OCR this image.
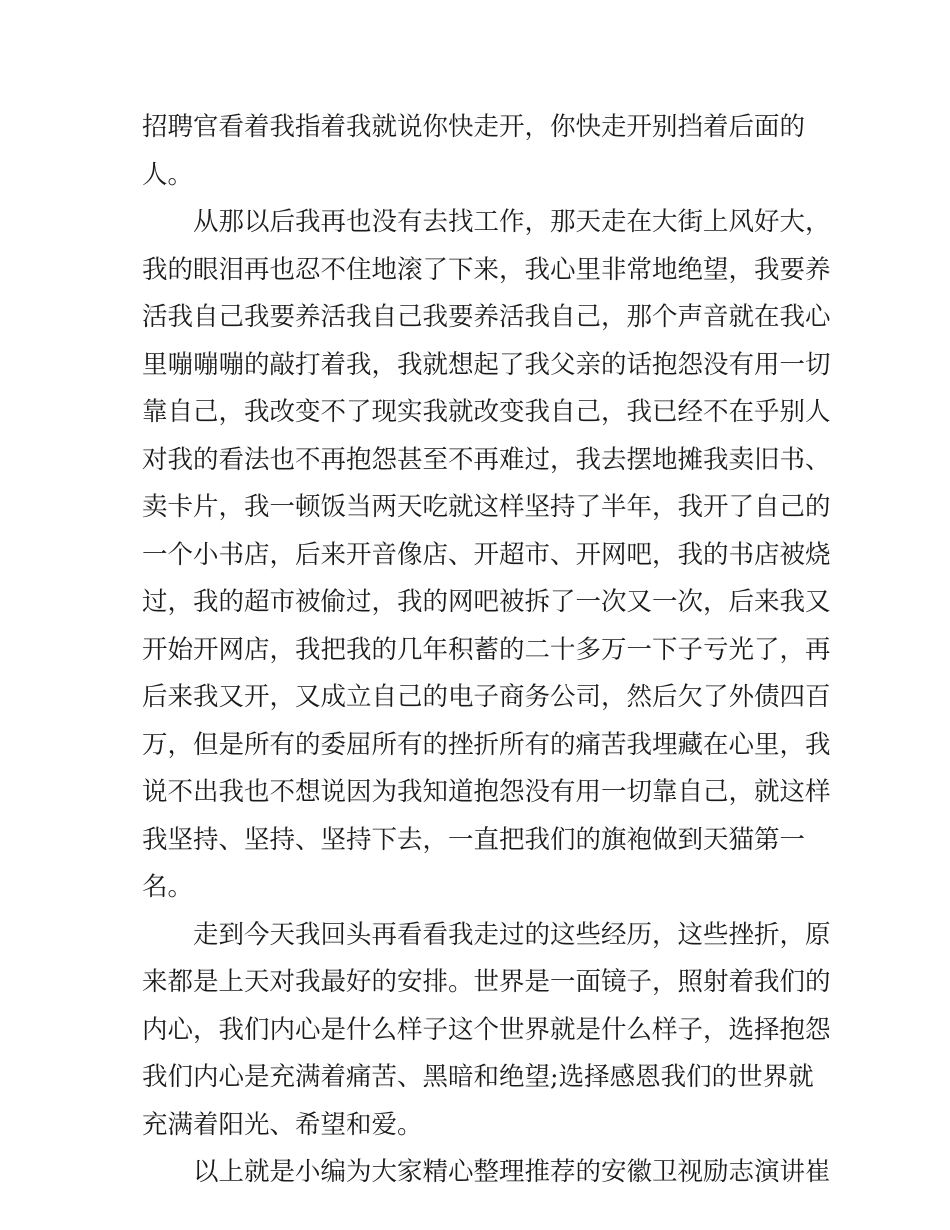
招聘官看着我指着我就说你快走开，你快走开别挡着后面的
人。
从那以后我再也没有去找工作，那天走在大街上风好大，
我的眼泪再也忍不住地滚了下来，我心里非常地绝望，我要养
活我自己我要养活我自己我要养活我自己，那个声音就在我心
里嘣嘣嘣的敲打着我，我就想起了我父亲的话抱怨没有用一切
靠自己，我改变不了现实我就改变我自己，我已经不在乎别人
对我的看法也不再抱怨甚至不再难过，我去摆地摊我卖旧书、
卖卡片，我一顿饭当两天吃就这样坚持了半年，我开了自己的
一个小书店，后来开音像店、开超市、开网吧，我的书店被烧
过，我的超市被偷过，我的网吧被拆了一次又一次，后来我又
开始开网店，我把我的几年积蓄的二十多万一下子亏光了，再
后来我又开，又成立自己的电子商务公司，然后欠了外债四百
万，但是所有的委屈所有的挫折所有的痛苦我埋藏在心里，我
说不出我也不想说因为我知道抱怨没有用一切靠自己，就这样
我坚持、坚持、坚持下去，一直把我们的旗袍做到天猫第一
名。
走到今天我回头再看看我走过的这些经历，这些挫折，原
来都是上天对我最好的安排。世界是一面镜子，照射着我们的
内心，我们内心是什么样子这个世界就是什么样子，选择抱怨
我们内心是充满着痛苦、黑暗和绝望;选择感恩我们的世界就
充满着阳光、希望和爱。
以上就是小编为大家精心整理推荐的安徽卫视励志演讲崔
